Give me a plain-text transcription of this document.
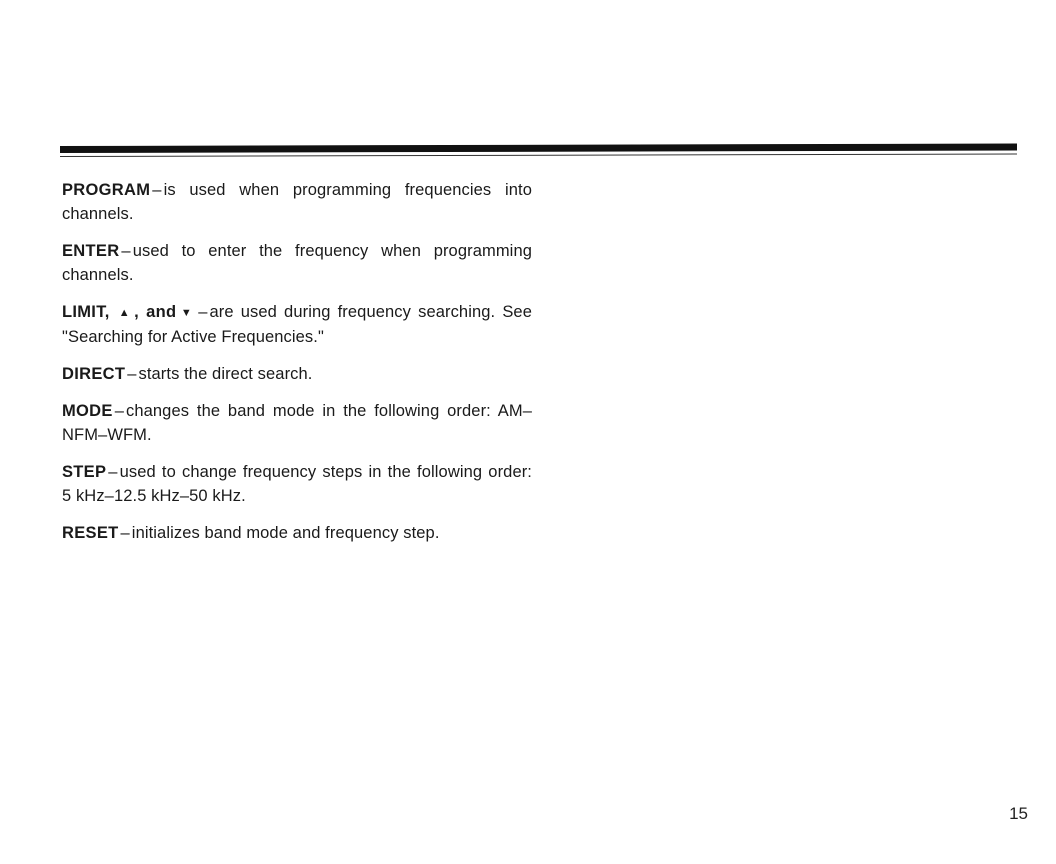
PROGRAM – is used when programming frequencies into channels.

ENTER – used to enter the frequency when programming channels.

LIMIT, ▲ , and ▼ – are used during frequency searching. See "Searching for Active Frequencies."

DIRECT – starts the direct search.

MODE – changes the band mode in the following order: AM–NFM–WFM.

STEP – used to change frequency steps in the following order: 5 kHz–12.5 kHz–50 kHz.

RESET – initializes band mode and frequency step.

15
